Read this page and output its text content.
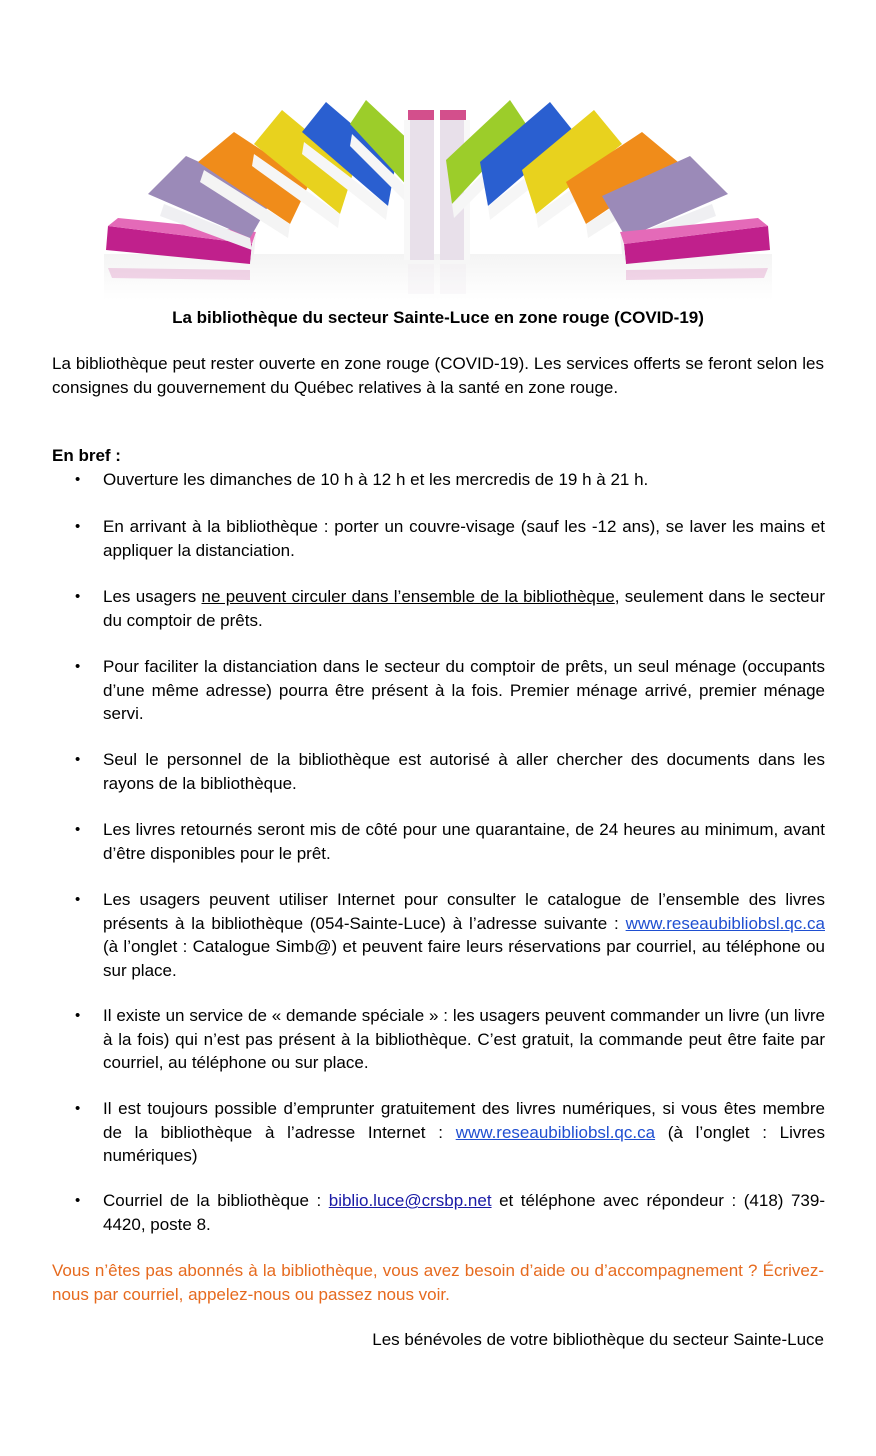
La bibliothèque du secteur Sainte-Luce en zone rouge (COVID-19)
La bibliothèque peut rester ouverte en zone rouge (COVID-19). Les services offerts se feront selon les consignes du gouvernement du Québec relatives à la santé en zone rouge.
En bref :
• Ouverture les dimanches de 10 h à 12 h et les mercredis de 19 h à 21 h.
• En arrivant à la bibliothèque : porter un couvre-visage (sauf les -12 ans), se laver les mains et appliquer la distanciation.
• Les usagers ne peuvent circuler dans l’ensemble de la bibliothèque, seulement dans le secteur du comptoir de prêts.
• Pour faciliter la distanciation dans le secteur du comptoir de prêts, un seul ménage (occupants d’une même adresse) pourra être présent à la fois. Premier ménage arrivé, premier ménage servi.
• Seul le personnel de la bibliothèque est autorisé à aller chercher des documents dans les rayons de la bibliothèque.
• Les livres retournés seront mis de côté pour une quarantaine, de 24 heures au minimum, avant d’être disponibles pour le prêt.
• Les usagers peuvent utiliser Internet pour consulter le catalogue de l’ensemble des livres présents à la bibliothèque (054-Sainte-Luce) à l’adresse suivante : www.reseaubibliobsl.qc.ca (à l’onglet : Catalogue Simb@) et peuvent faire leurs réservations par courriel, au téléphone ou sur place.
• Il existe un service de « demande spéciale » : les usagers peuvent commander un livre (un livre à la fois) qui n’est pas présent à la bibliothèque. C’est gratuit, la commande peut être faite par courriel, au téléphone ou sur place.
• Il est toujours possible d’emprunter gratuitement des livres numériques, si vous êtes membre de la bibliothèque à l’adresse Internet : www.reseaubibliobsl.qc.ca (à l’onglet : Livres numériques)
• Courriel de la bibliothèque : biblio.luce@crsbp.net et téléphone avec répondeur : (418) 739-4420, poste 8.
Vous n’êtes pas abonnés à la bibliothèque, vous avez besoin d’aide ou d’accompagnement ? Écrivez-nous par courriel, appelez-nous ou passez nous voir.
Les bénévoles de votre bibliothèque du secteur Sainte-Luce
